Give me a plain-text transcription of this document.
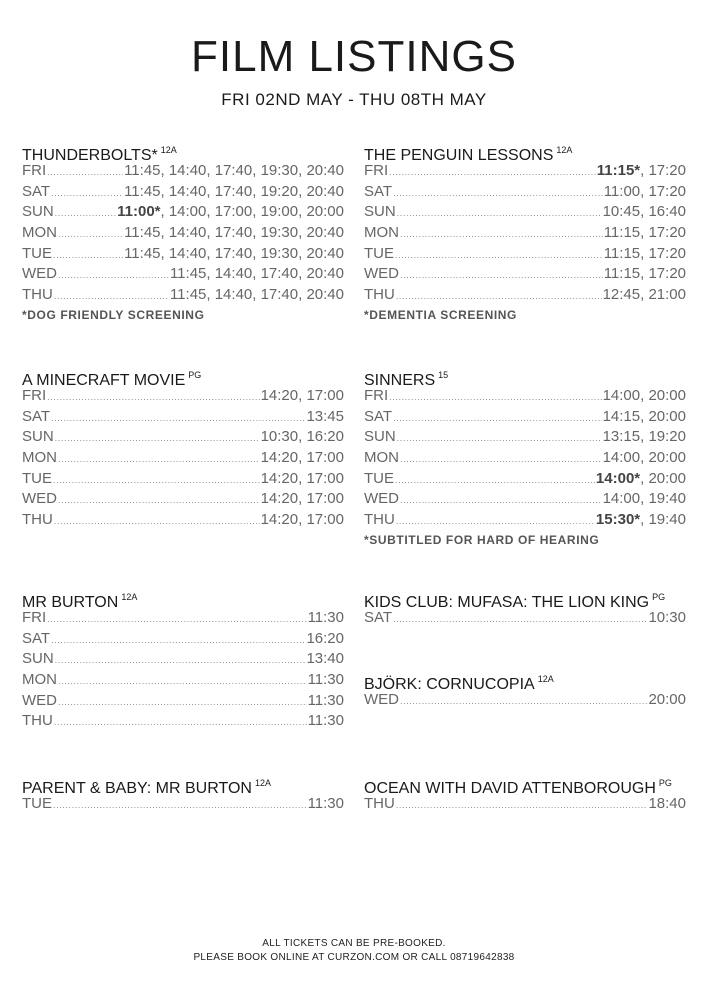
FILM LISTINGS
FRI 02ND MAY - THU 08TH MAY
THUNDERBOLTS* $^{12A}$
FRI .....	11:45, 14:40, 17:40, 19:30, 20:40
SAT .....	11:45, 14:40, 17:40, 19:20, 20:40
SUN .....	11:00*, 14:00, 17:00, 19:00, 20:00
MON .....	11:45, 14:40, 17:40, 19:30, 20:40
TUE .....	11:45, 14:40, 17:40, 19:30, 20:40
WED .....	11:45, 14:40, 17:40, 20:40
THU .....	11:45, 14:40, 17:40, 20:40
*DOG FRIENDLY SCREENING
THE PENGUIN LESSONS $^{12A}$
FRI .....	11:15*, 17:20
SAT .....	11:00, 17:20
SUN .....	10:45, 16:40
MON .....	11:15, 17:20
TUE .....	11:15, 17:20
WED .....	11:15, 17:20
THU .....	12:45, 21:00
*DEMENTIA SCREENING
A MINECRAFT MOVIE $^{PG}$
FRI .....	14:20, 17:00
SAT .....	13:45
SUN .....	10:30, 16:20
MON .....	14:20, 17:00
TUE .....	14:20, 17:00
WED .....	14:20, 17:00
THU .....	14:20, 17:00
SINNERS $^{15}$
FRI .....	14:00, 20:00
SAT .....	14:15, 20:00
SUN .....	13:15, 19:20
MON .....	14:00, 20:00
TUE .....	14:00*, 20:00
WED .....	14:00, 19:40
THU .....	15:30*, 19:40
*SUBTITLED FOR HARD OF HEARING
MR BURTON $^{12A}$
FRI .....	11:30
SAT .....	16:20
SUN .....	13:40
MON .....	11:30
WED .....	11:30
THU .....	11:30
KIDS CLUB: MUFASA: THE LION KING $^{PG}$
SAT .....	10:30
BJÖRK: CORNUCOPIA $^{12A}$
WED .....	20:00
PARENT & BABY: MR BURTON $^{12A}$
TUE .....	11:30
OCEAN WITH DAVID ATTENBOROUGH $^{PG}$
THU .....	18:40
ALL TICKETS CAN BE PRE-BOOKED.
PLEASE BOOK ONLINE AT CURZON.COM OR CALL 08719642838
